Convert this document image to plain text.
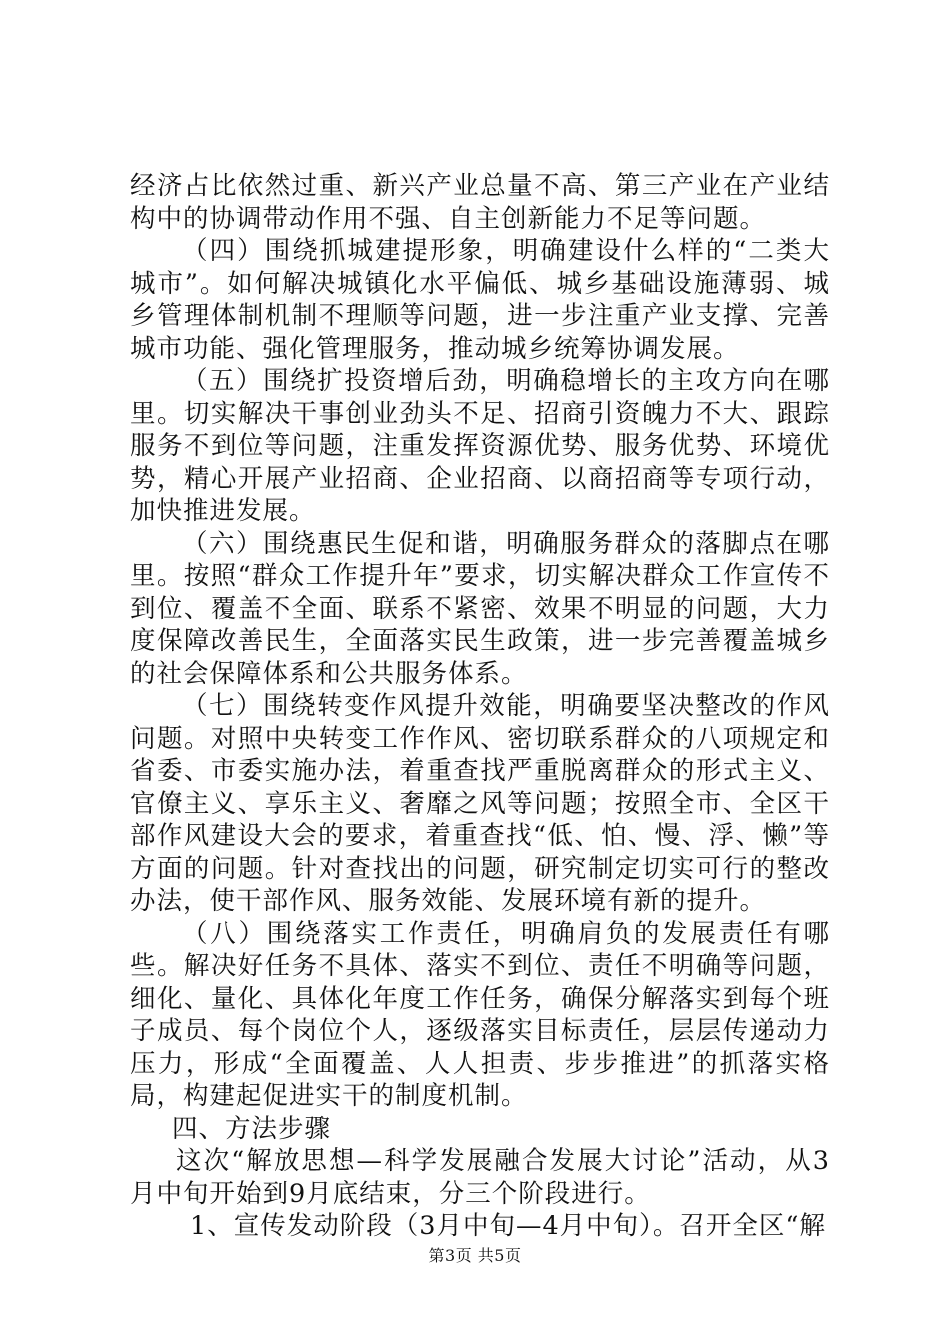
经济占比依然过重、新兴产业总量不高、第三产业在产业结构中的协调带动作用不强、自主创新能力不足等问题。

（四）围绕抓城建提形象，明确建设什么样的“二类大城市”。如何解决城镇化水平偏低、城乡基础设施薄弱、城乡管理体制机制不理顺等问题，进一步注重产业支撑、完善城市功能、强化管理服务，推动城乡统筹协调发展。

（五）围绕扩投资增后劲，明确稳增长的主攻方向在哪里。切实解决干事创业劲头不足、招商引资魄力不大、跟踪服务不到位等问题，注重发挥资源优势、服务优势、环境优势，精心开展产业招商、企业招商、以商招商等专项行动，加快推进发展。

（六）围绕惠民生促和谐，明确服务群众的落脚点在哪里。按照“群众工作提升年”要求，切实解决群众工作宣传不到位、覆盖不全面、联系不紧密、效果不明显的问题，大力度保障改善民生，全面落实民生政策，进一步完善覆盖城乡的社会保障体系和公共服务体系。

（七）围绕转变作风提升效能，明确要坚决整改的作风问题。对照中央转变工作作风、密切联系群众的八项规定和省委、市委实施办法，着重查找严重脱离群众的形式主义、官僚主义、享乐主义、奢靡之风等问题；按照全市、全区干部作风建设大会的要求，着重查找“低、怕、慢、浮、懒”等方面的问题。针对查找出的问题，研究制定切实可行的整改办法，使干部作风、服务效能、发展环境有新的提升。

（八）围绕落实工作责任，明确肩负的发展责任有哪些。解决好任务不具体、落实不到位、责任不明确等问题，细化、量化、具体化年度工作任务，确保分解落实到每个班子成员、每个岗位个人，逐级落实目标责任，层层传递动力压力，形成“全面覆盖、人人担责、步步推进”的抓落实格局，构建起促进实干的制度机制。

四、方法步骤

这次“解放思想—科学发展融合发展大讨论”活动，从3月中旬开始到9月底结束，分三个阶段进行。

1、宣传发动阶段（3月中旬—4月中旬）。召开全区“解

第3页 共5页
